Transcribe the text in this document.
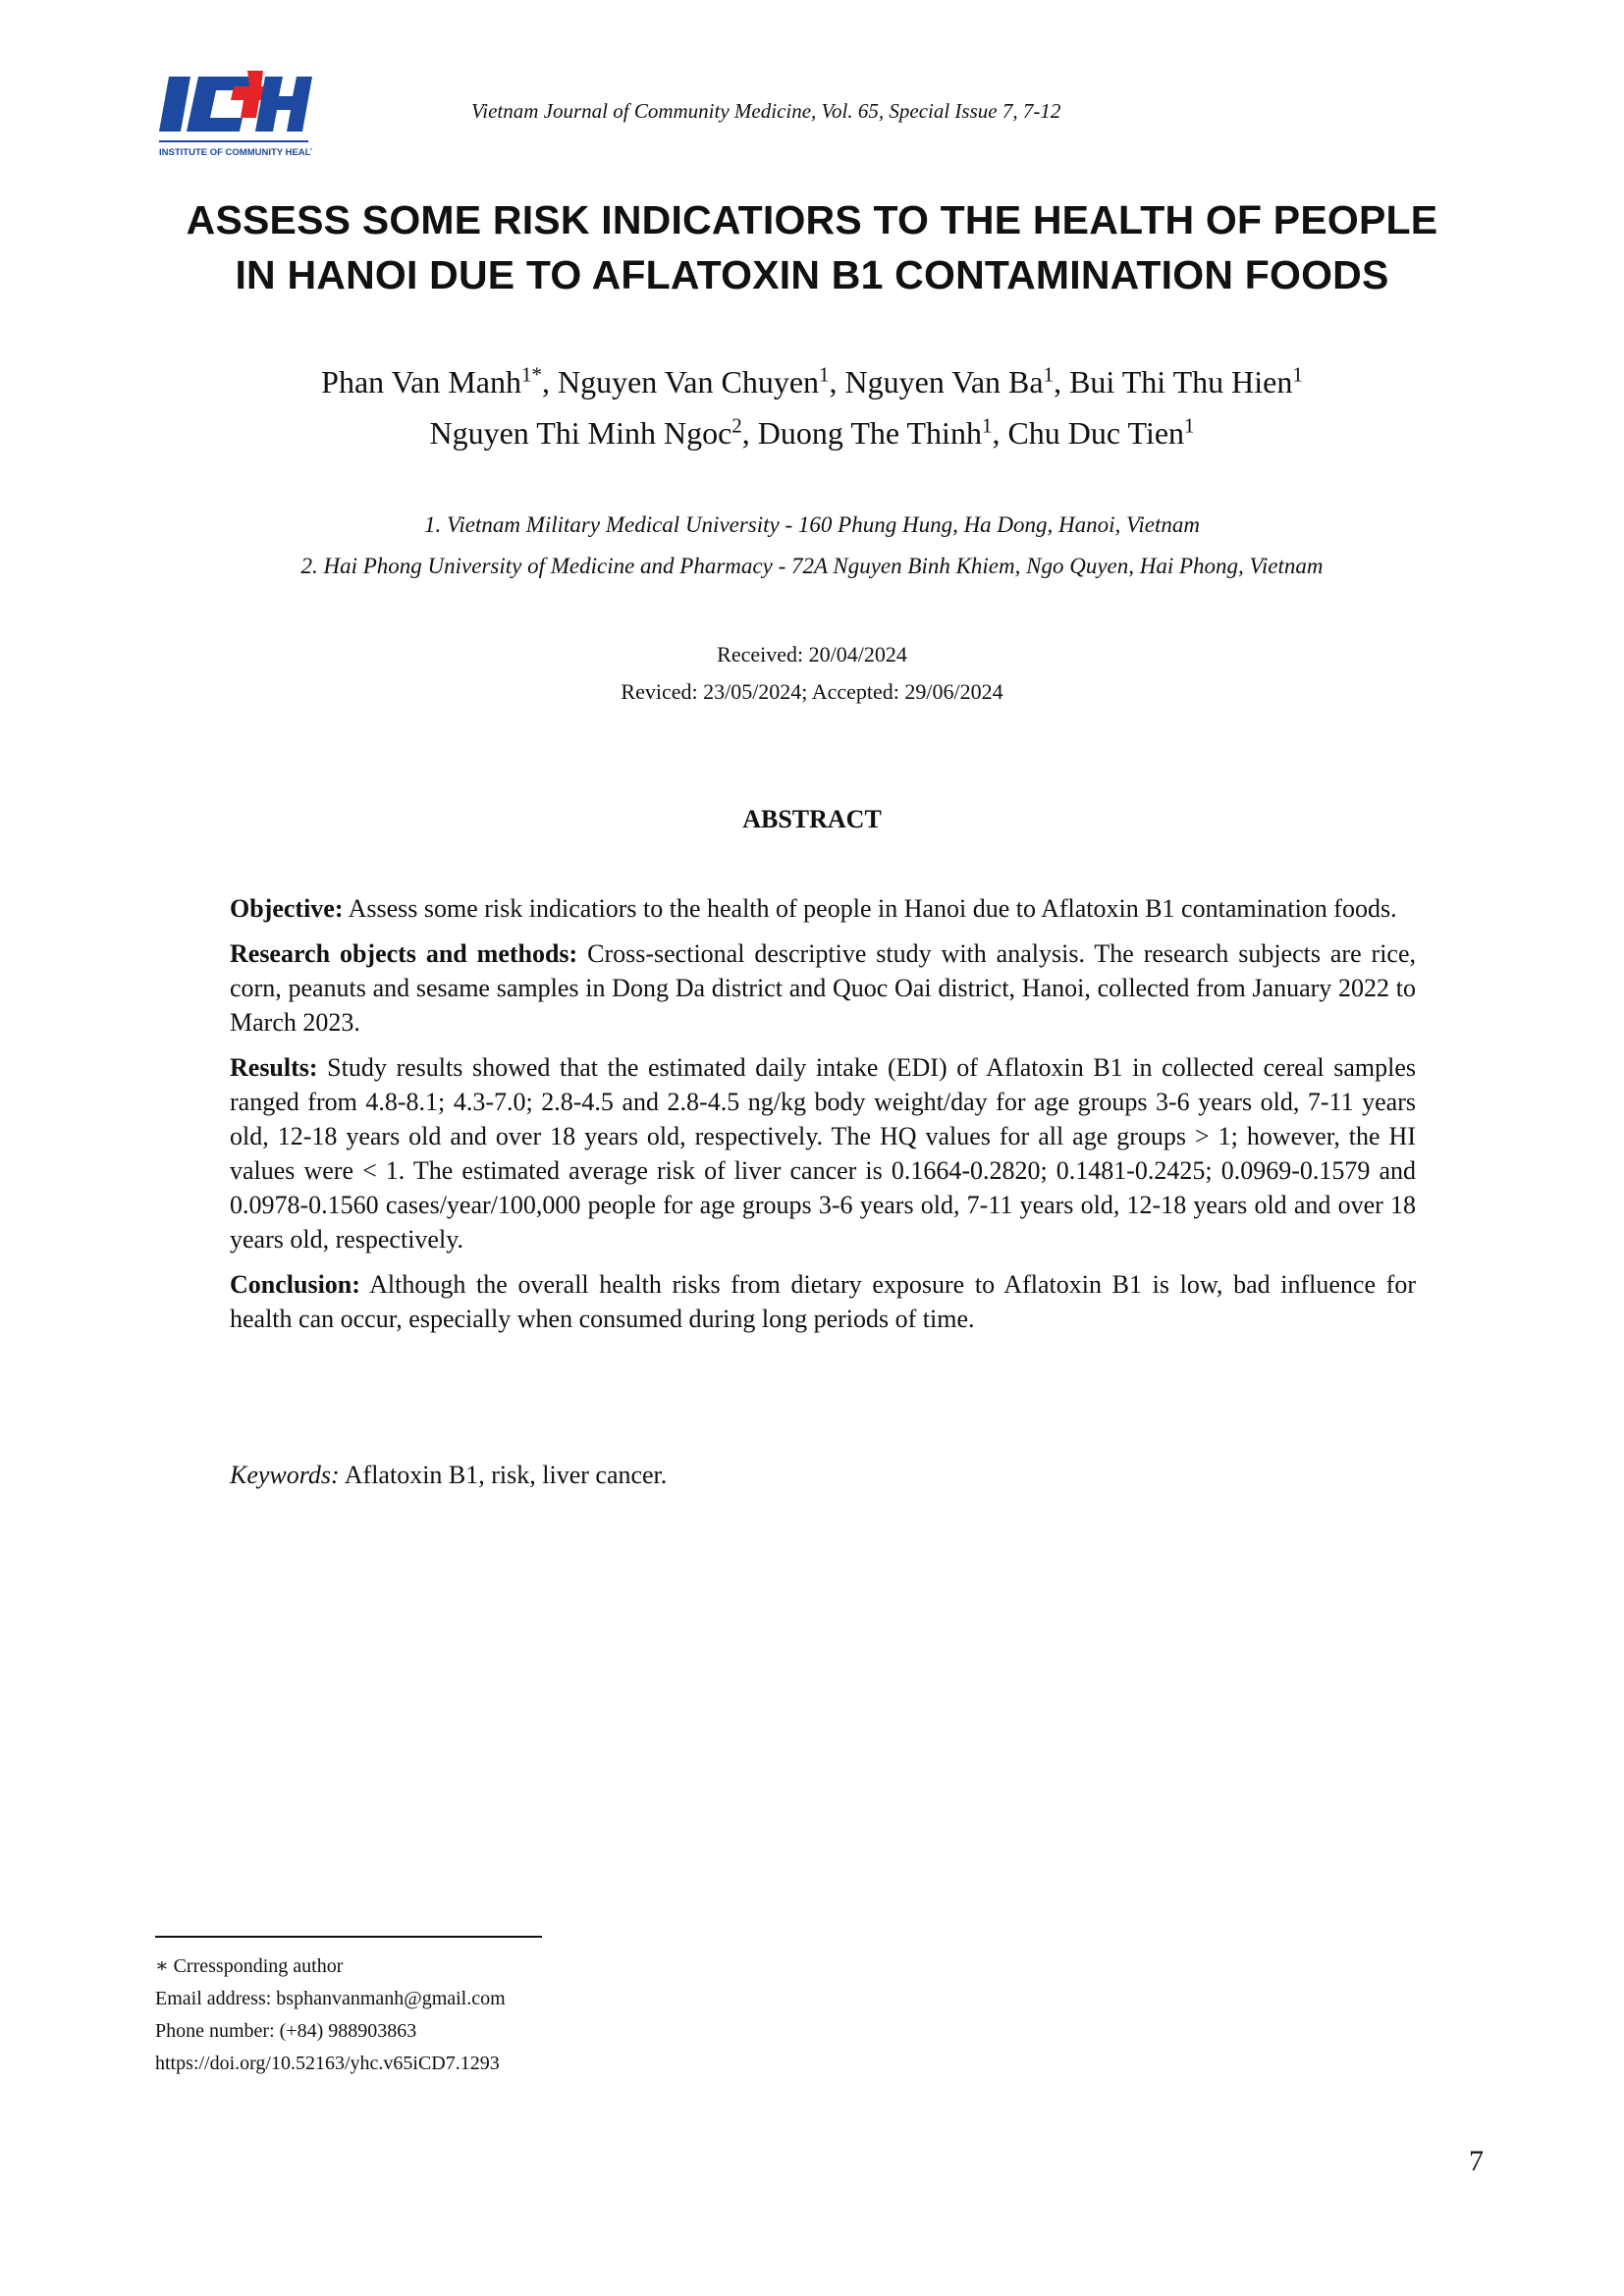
INSTITUTE OF COMMUNITY HEALTH
Vietnam Journal of Community Medicine, Vol. 65, Special Issue 7, 7-12
ASSESS SOME RISK INDICATIORS TO THE HEALTH OF PEOPLE
IN HANOI DUE TO AFLATOXIN B1 CONTAMINATION FOODS
Phan Van Manh$^{1*}$, Nguyen Van Chuyen$^1$, Nguyen Van Ba$^1$, Bui Thi Thu Hien$^1$
Nguyen Thi Minh Ngoc$^2$, Duong The Thinh$^1$, Chu Duc Tien$^1$
1. Vietnam Military Medical University - 160 Phung Hung, Ha Dong, Hanoi, Vietnam
2. Hai Phong University of Medicine and Pharmacy - 72A Nguyen Binh Khiem, Ngo Quyen, Hai Phong, Vietnam
Received: 20/04/2024
Reviced: 23/05/2024; Accepted: 29/06/2024
ABSTRACT

Objective: Assess some risk indicatiors to the health of people in Hanoi due to Aflatoxin B1 contamination foods.

Research objects and methods: Cross-sectional descriptive study with analysis. The research subjects are rice, corn, peanuts and sesame samples in Dong Da district and Quoc Oai district, Hanoi, collected from January 2022 to March 2023.

Results: Study results showed that the estimated daily intake (EDI) of Aflatoxin B1 in collected cereal samples ranged from 4.8-8.1; 4.3-7.0; 2.8-4.5 and 2.8-4.5 ng/kg body weight/day for age groups 3-6 years old, 7-11 years old, 12-18 years old and over 18 years old, respectively. The HQ values for all age groups > 1; however, the HI values were < 1. The estimated average risk of liver cancer is 0.1664-0.2820; 0.1481-0.2425; 0.0969-0.1579 and 0.0978-0.1560 cases/year/100,000 people for age groups 3-6 years old, 7-11 years old, 12-18 years old and over 18 years old, respectively.

Conclusion: Although the overall health risks from dietary exposure to Aflatoxin B1 is low, bad influence for health can occur, especially when consumed during long periods of time.

Keywords: Aflatoxin B1, risk, liver cancer.
∗ Crressponding author
Email address: bsphanvanmanh@gmail.com
Phone number: (+84) 988903863
https://doi.org/10.52163/yhc.v65iCD7.1293
7
